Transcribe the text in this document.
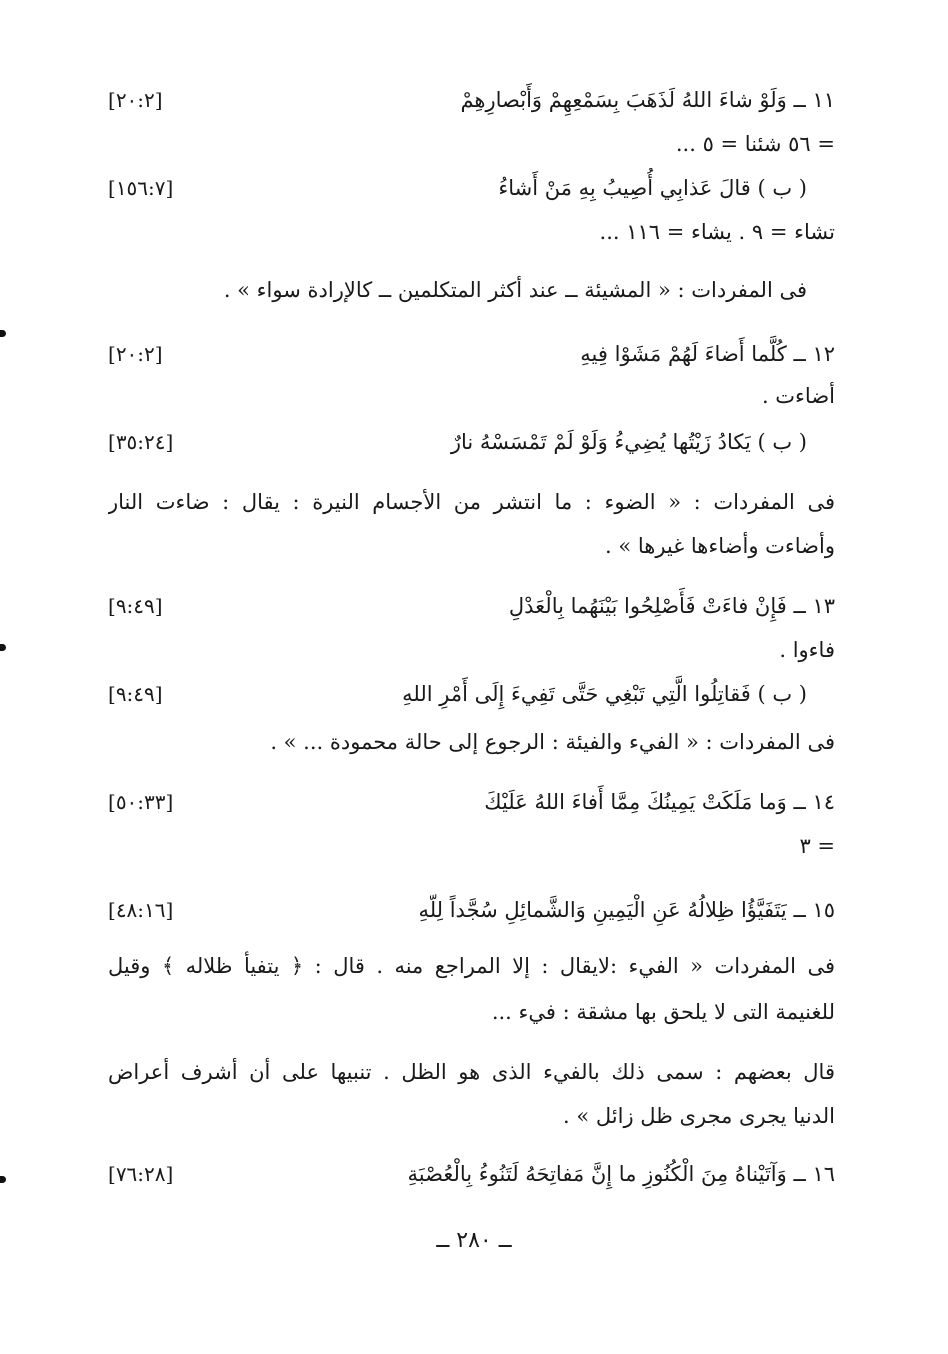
١١ ــ وَلَوْ شاءَ اللهُ لَذَهَبَ بِسَمْعِهِمْ وَأَبْصارِهِمْ
[٢٠:٢]
= ٥٦ شئنا = ٥ ...
( ب ) قالَ عَذابِي أُصِيبُ بِهِ مَنْ أَشاءُ
[١٥٦:٧]
تشاء = ٩ . يشاء = ١١٦ ...
فى المفردات : « المشيئة ــ عند أكثر المتكلمين ــ كالإرادة سواء » .
١٢ ــ كُلَّما أَضاءَ لَهُمْ مَشَوْا فِيهِ
[٢٠:٢]
أضاءت .
( ب ) يَكادُ زَيْتُها يُضِيءُ وَلَوْ لَمْ تَمْسَسْهُ نارٌ
[٣٥:٢٤]
فى المفردات : « الضوء : ما انتشر من الأجسام النيرة : يقال : ضاءت النار
وأضاءت وأضاءها غيرها » .
١٣ ــ فَإِنْ فاءَتْ فَأَصْلِحُوا بَيْنَهُما بِالْعَدْلِ
[٩:٤٩]
فاءوا .
( ب ) فَقاتِلُوا الَّتِي تَبْغِي حَتَّى تَفِيءَ إِلَى أَمْرِ اللهِ
[٩:٤٩]
فى المفردات : « الفيء والفيئة : الرجوع إلى حالة محمودة ... » .
١٤ ــ وَما مَلَكَتْ يَمِينُكَ مِمَّا أَفاءَ اللهُ عَلَيْكَ
[٥٠:٣٣]
٣ =
١٥ ــ يَتَفَيَّؤُا ظِلالُهُ عَنِ الْيَمِينِ وَالشَّمائِلِ سُجَّداً لِلّهِ
[٤٨:١٦]
فى المفردات « الفيء :لايقال : إلا المراجع منه . قال : ﴿ يتفيأ ظلاله ﴾ وقيل
للغنيمة التى لا يلحق بها مشقة : فيء ...
قال بعضهم : سمى ذلك بالفيء الذى هو الظل . تنبيها على أن أشرف أعراض
الدنيا يجرى مجرى ظل زائل » .
١٦ ــ وَآتَيْناهُ مِنَ الْكُنُوزِ ما إِنَّ مَفاتِحَهُ لَتَنُوءُ بِالْعُصْبَةِ
[٧٦:٢٨]
ــ ٢٨٠ ــ
